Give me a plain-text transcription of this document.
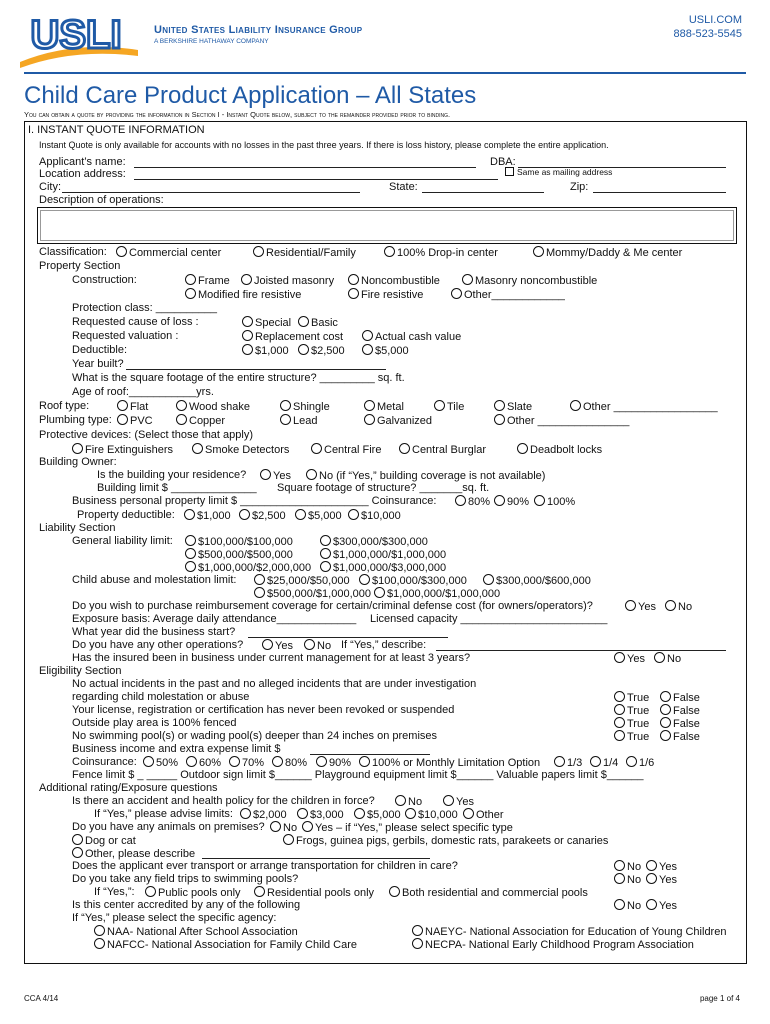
USLI	United States Liability Insurance Group
A BERKSHIRE HATHAWAY COMPANY
USLI.COM
888-523-5545
Child Care Product Application – All States
You can obtain a quote by providing the information in Section I - Instant Quote below, subject to the remainder provided prior to binding.
I. INSTANT QUOTE INFORMATION
Instant Quote is only available for accounts with no losses in the past three years. If there is loss history, please complete the entire application.
Applicant’s name:	DBA:
Location address:	Same as mailing address
City:	State:	Zip:
Description of operations:
Classification:	Commercial center	Residential/Family	100% Drop-in center	Mommy/Daddy & Me center
Property Section
Construction:	Frame	Joisted masonry	Noncombustible	Masonry noncombustible
Modified fire resistive	Fire resistive	Other____________
Protection class: __________
Requested cause of loss :	Special	Basic
Requested valuation :	Replacement cost	Actual cash value
Deductible:	$1,000	$2,500	$5,000
Year built?
What is the square footage of the entire structure? _________ sq. ft.
Age of roof:___________yrs.
Roof type:	Flat	Wood shake	Shingle	Metal	Tile	Slate	Other _________________
Plumbing type:	PVC	Copper	Lead	Galvanized	Other _______________
Protective devices: (Select those that apply)
Fire Extinguishers	Smoke Detectors	Central Fire	Central Burglar	Deadbolt locks
Building Owner:
Is the building your residence?	Yes	No (if “Yes,” building coverage is not available)
Building limit $ ______________ Square footage of structure? _______sq. ft.
Business personal property limit $ _____________________ Coinsurance:	80%	90%	100%
Property deductible:	$1,000	$2,500	$5,000	$10,000
Liability Section
General liability limit:	$100,000/$100,000	$300,000/$300,000
$500,000/$500,000	$1,000,000/$1,000,000
$1,000,000/$2,000,000	$1,000,000/$3,000,000
Child abuse and molestation limit:	$25,000/$50,000	$100,000/$300,000	$300,000/$600,000
$500,000/$1,000,000	$1,000,000/$1,000,000
Do you wish to purchase reimbursement coverage for certain/criminal defense cost (for owners/operators)?	Yes	No
Exposure basis: Average daily attendance_____________ Licensed capacity ________________________
What year did the business start?
Do you have any other operations?	Yes	No If “Yes,” describe:
Has the insured been in business under current management for at least 3 years?	Yes	No
Eligibility Section
No actual incidents in the past and no alleged incidents that are under investigation
regarding child molestation or abuse	True	False
Your license, registration or certification has never been revoked or suspended	True	False
Outside play area is 100% fenced	True	False
No swimming pool(s) or wading pool(s) deeper than 24 inches on premises	True	False
Business income and extra expense limit $
Coinsurance:	50%	60%	70%	80%	90%	100% or Monthly Limitation Option	1/3	1/4	1/6
Fence limit $ _ _____ Outdoor sign limit $______ Playground equipment limit $______ Valuable papers limit $______
Additional rating/Exposure questions
Is there an accident and health policy for the children in force?	No	Yes
If “Yes,” please advise limits:	$2,000	$3,000	$5,000	$10,000	Other
Do you have any animals on premises?	No	Yes – if “Yes,” please select specific type
Dog or cat	Frogs, guinea pigs, gerbils, domestic rats, parakeets or canaries
Other, please describe
Does the applicant ever transport or arrange transportation for children in care?	No	Yes
Do you take any field trips to swimming pools?	No	Yes
If “Yes,”:	Public pools only	Residential pools only	Both residential and commercial pools
Is this center accredited by any of the following	No	Yes
If “Yes,” please select the specific agency:
NAA- National After School Association	NAEYC- National Association for Education of Young Children
NAFCC- National Association for Family Child Care	NECPA- National Early Childhood Program Association
CCA 4/14	page 1 of 4
